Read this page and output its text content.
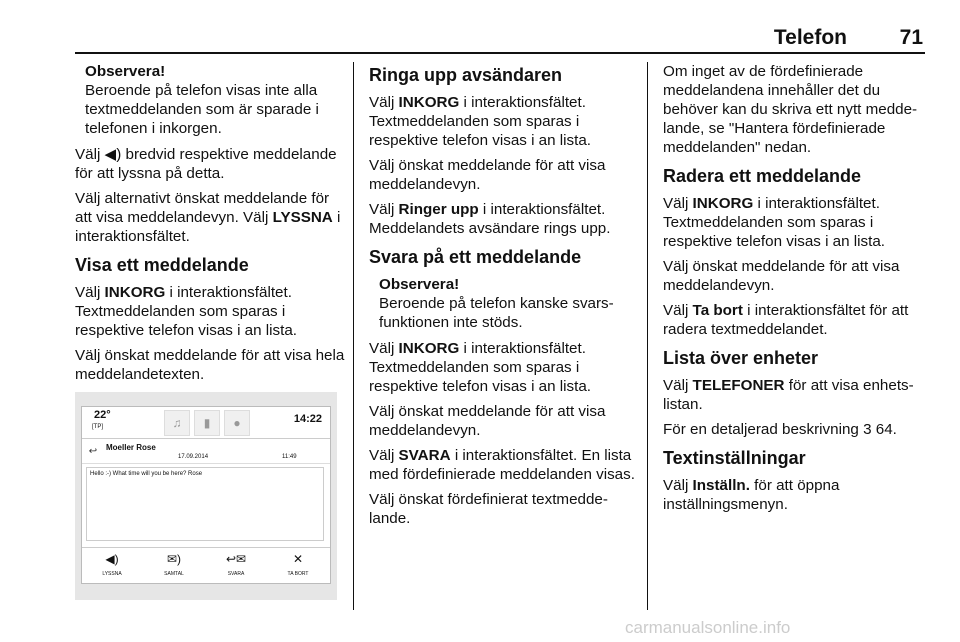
Telefon	71
Observera!
Beroende på telefon visas inte alla textmeddelanden som är sparade i telefonen i inkorgen.

Välj ◀) bredvid respektive meddelande för att lyssna på detta.

Välj alternativt önskat meddelande för att visa meddelandevyn. Välj LYSSNA i interaktionsfältet.

Visa ett meddelande

Välj INKORG i interaktionsfältet. Textmeddelanden som sparas i respektive telefon visas i an lista.

Välj önskat meddelande för att visa hela meddelandetexten.

22°
[TP]	♫	▮	●	14:22
↩	Moeller Rose
17.09.2014	11:49
Hello :-) What time will you be here? Rose
◀)
LYSSNA
✉)
SAMTAL
↩✉
SVARA
✕
TA BORT
Ringa upp avsändaren

Välj INKORG i interaktionsfältet. Textmeddelanden som sparas i respektive telefon visas i an lista.

Välj önskat meddelande för att visa meddelandevyn.

Välj Ringer upp i interaktionsfältet. Meddelandets avsändare rings upp.

Svara på ett meddelande
Observera!
Beroende på telefon kanske svarsfunktionen inte stöds.

Välj INKORG i interaktionsfältet. Textmeddelanden som sparas i respektive telefon visas i an lista.

Välj önskat meddelande för att visa meddelandevyn.

Välj SVARA i interaktionsfältet. En lista med fördefinierade meddelanden visas.

Välj önskat fördefinierat textmeddelande.

Om inget av de fördefinierade meddelandena innehåller det du behöver kan du skriva ett nytt meddelande, se "Hantera fördefinierade meddelanden" nedan.

Radera ett meddelande

Välj INKORG i interaktionsfältet. Textmeddelanden som sparas i respektive telefon visas i an lista.

Välj önskat meddelande för att visa meddelandevyn.

Välj Ta bort i interaktionsfältet för att radera textmeddelandet.

Lista över enheter

Välj TELEFONER för att visa enhetslistan.

För en detaljerad beskrivning 3 64.

Textinställningar

Välj Inställn. för att öppna inställningsmenyn.

carmanualsonline.info
